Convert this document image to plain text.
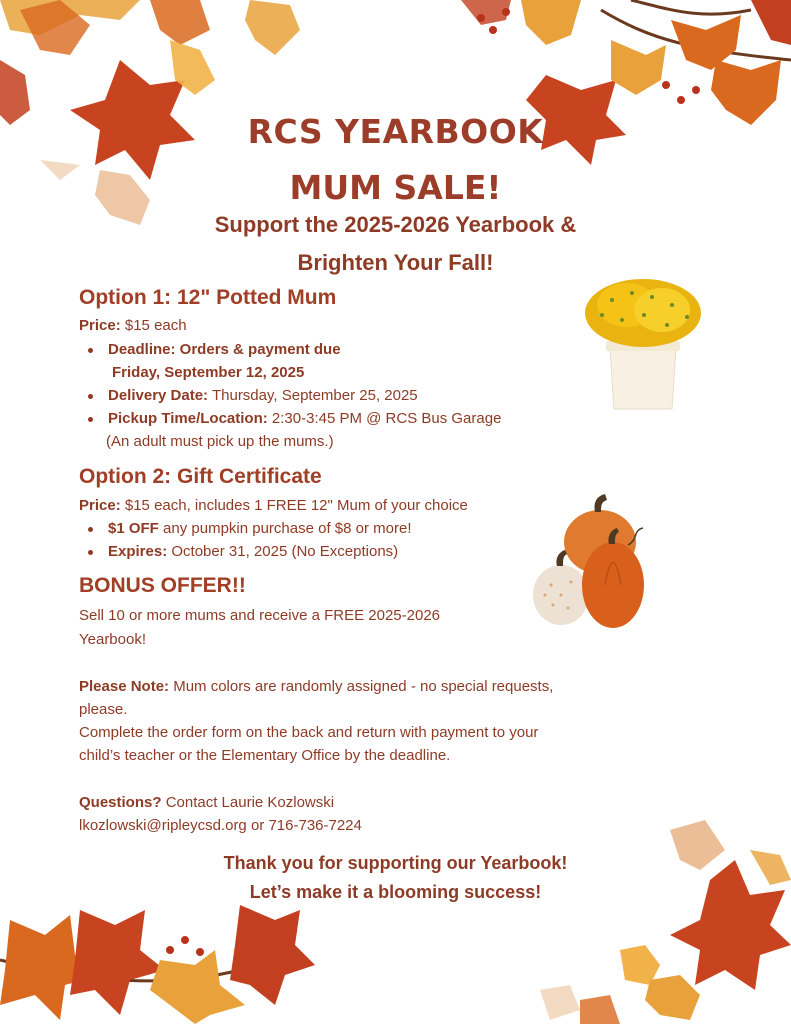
RCS YEARBOOK
MUM SALE!
Support the 2025-2026 Yearbook &
Brighten Your Fall!
Option 1: 12" Potted Mum
Price: $15 each
Deadline: Orders & payment due
Friday, September 12, 2025
Delivery Date: Thursday, September 25, 2025
Pickup Time/Location: 2:30-3:45 PM @ RCS Bus Garage
(An adult must pick up the mums.)
Option 2: Gift Certificate
Price: $15 each, includes 1 FREE 12" Mum of your choice
$1 OFF any pumpkin purchase of $8 or more!
Expires: October 31, 2025 (No Exceptions)
BONUS OFFER!!
Sell 10 or more mums and receive a FREE 2025-2026
Yearbook!
Please Note: Mum colors are randomly assigned - no special requests,
please.
Complete the order form on the back and return with payment to your
child’s teacher or the Elementary Office by the deadline.
Questions? Contact Laurie Kozlowski
lkozlowski@ripleycsd.org or 716-736-7224
Thank you for supporting our Yearbook!
Let’s make it a blooming success!
